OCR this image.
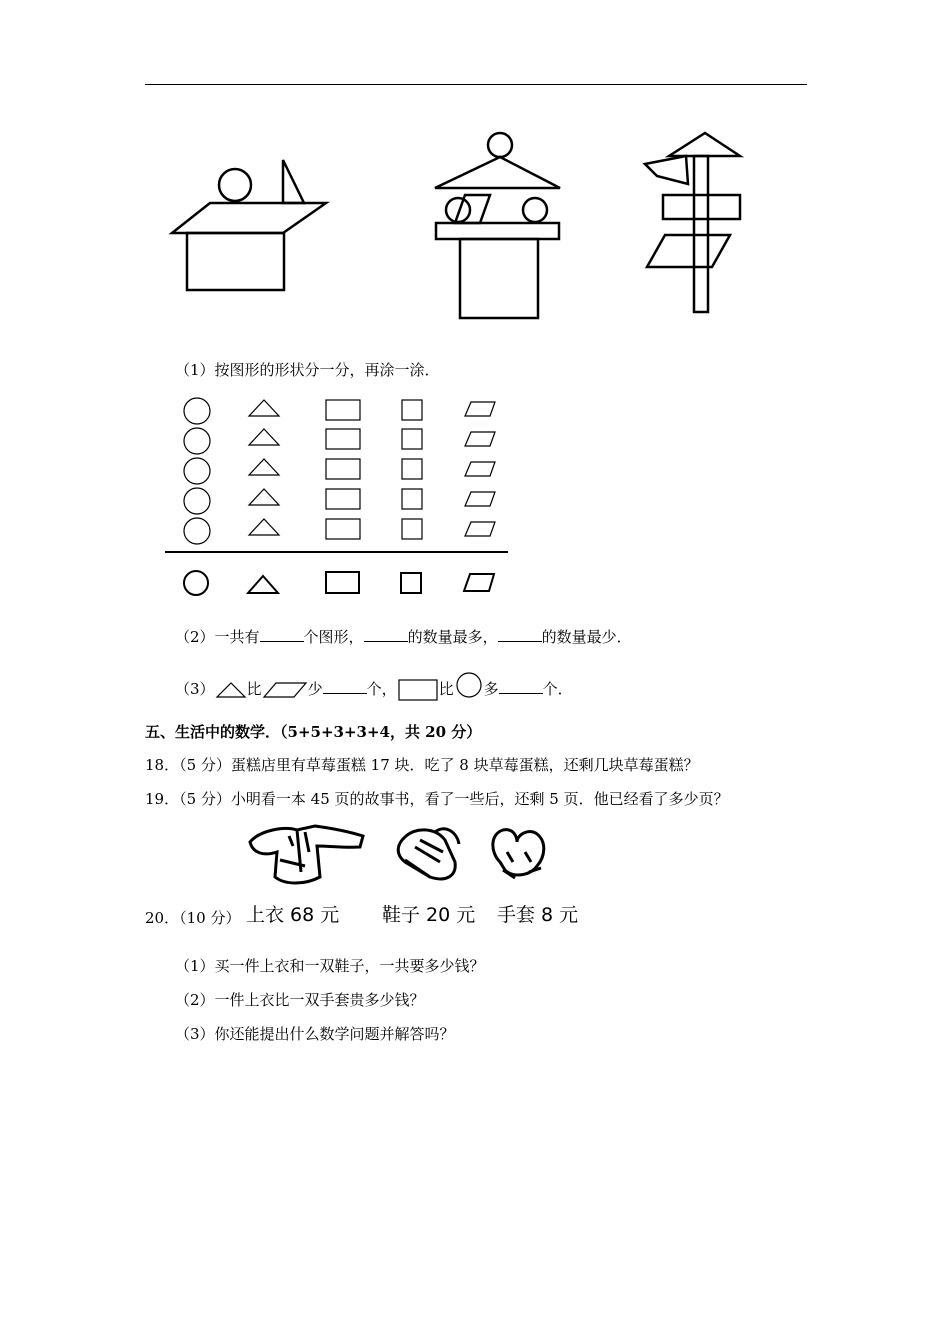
（1）按图形的形状分一分，再涂一涂．
（2）一共有	个图形，	的数量最多，	的数量最少．
（3） 比	少	个，	比 多	个．
五、生活中的数学．（5+5+3+3+4，共 20 分）
18．（5 分）蛋糕店里有草莓蛋糕 17 块．吃了 8 块草莓蛋糕，还剩几块草莓蛋糕？
19．（5 分）小明看一本 45 页的故事书，看了一些后，还剩 5 页．他已经看了多少页？
20．（10 分） 上衣 68 元 鞋子 20 元 手套 8 元
（1）买一件上衣和一双鞋子，一共要多少钱？
（2）一件上衣比一双手套贵多少钱？
（3）你还能提出什么数学问题并解答吗？
